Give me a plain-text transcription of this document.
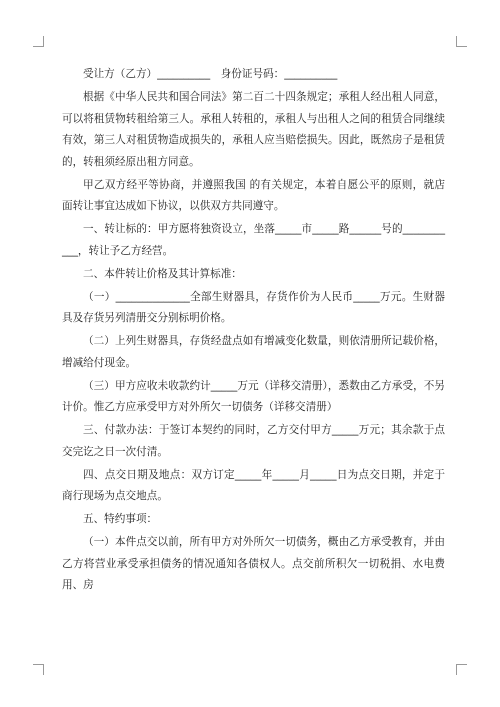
受让方（乙方）__________　身份证号码：__________

根据《中华人民共和国合同法》第二百二十四条规定；承租人经出租人同意，可以将租赁物转租给第三人。承租人转租的，承租人与出租人之间的租赁合同继续有效，第三人对租赁物造成损失的，承租人应当赔偿损失。因此，既然房子是租赁的，转租须经原出租方同意。

甲乙双方经平等协商，并遵照我国 的有关规定，本着自愿公平的原则，就店面转让事宜达成如下协议，以供双方共同遵守。

一、转让标的：甲方愿将独资设立，坐落_____市_____路______号的___________，转让予乙方经营。

二、本件转让价格及其计算标准：

（一）______________全部生财器具，存货作价为人民币_____万元。生财器具及存货另列清册交分别标明价格。

（二）上列生财器具，存货经盘点如有增减变化数量，则依清册所记载价格，增减给付现金。

（三）甲方应收未收款约计_____万元（详移交清册），悉数由乙方承受，不另计价。惟乙方应承受甲方对外所欠一切债务（详移交清册）

三、付款办法：于签订本契约的同时，乙方交付甲方_____万元；其余款于点交完讫之日一次付清。

四、点交日期及地点：双方订定_____年_____月_____日为点交日期，并定于商行现场为点交地点。

五、特约事项：

（一）本件点交以前，所有甲方对外所欠一切债务，概由乙方承受教育，并由乙方将营业承受承担债务的情况通知各债权人。点交前所积欠一切税捐、水电费用、房
